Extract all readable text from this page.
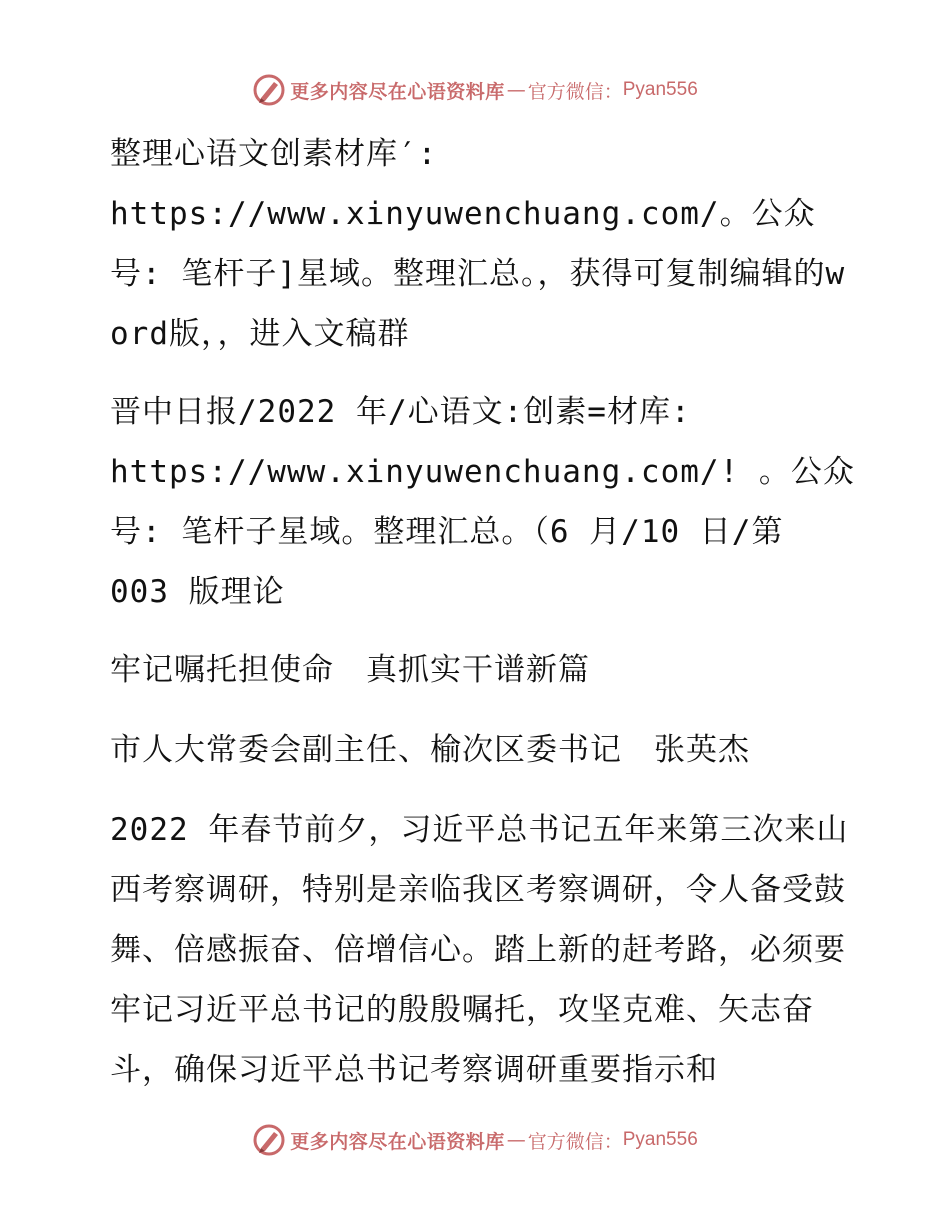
更多内容尽在心语资料库 — 官方微信： Pyan556

整理心语文创素材库′: https://www.xinyuwenchuang.com/。公众号: 笔杆子]星域。整理汇总。，获得可复制编辑的w ord版，，进入文稿群

晋中日报/2022 年/心语文:创素=材库: https://www.xinyuwenchuang.com/! 。公众号: 笔杆子星域。整理汇总。（6 月/10 日/第 003 版理论

牢记嘱托担使命　真抓实干谱新篇

市人大常委会副主任、榆次区委书记　张英杰

2022 年春节前夕，习近平总书记五年来第三次来山西考察调研，特别是亲临我区考察调研，令人备受鼓舞、倍感振奋、倍增信心。踏上新的赶考路，必须要牢记习近平总书记的殷殷嘱托，攻坚克难、矢志奋斗，确保习近平总书记考察调研重要指示和

更多内容尽在心语资料库 — 官方微信： Pyan556
